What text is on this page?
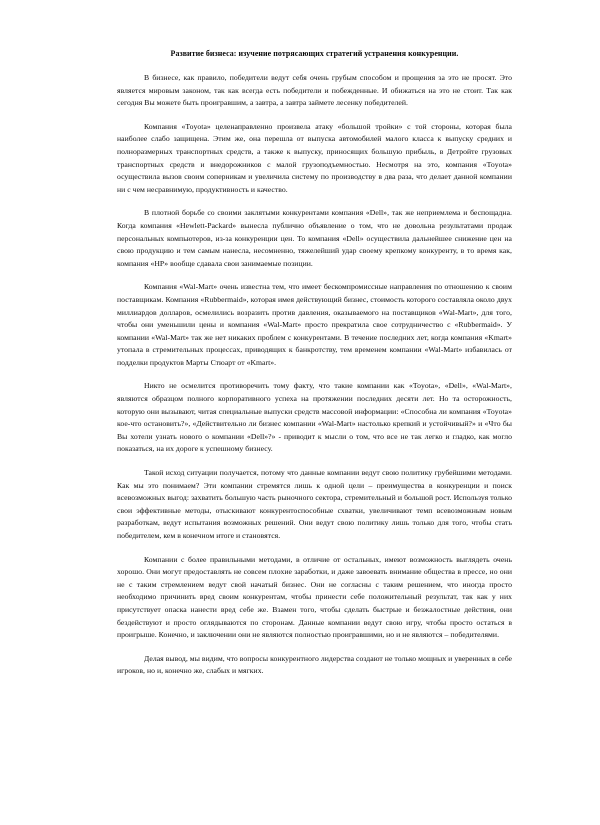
Развитие бизнеса: изучение потрясающих стратегий устранения конкуренции.

В бизнесе, как правило, победители ведут себя очень грубым способом и прощения за это не просят. Это является мировым законом, так как всегда есть победители и побежденные. И обижаться на это не стоит. Так как сегодня Вы можете быть проигравшим, а завтра, а завтра займете лесенку победителей.

Компания «Toyota» целенаправленно произвела атаку «большой тройки» с той стороны, которая была наиболее слабо защищена. Этим же, она перешла от выпуска автомобилей малого класса к выпуску средних и полноразмерных транспортных средств, а также к выпуску, приносящих большую прибыль, в Детройте грузовых транспортных средств и внедорожников с малой грузоподъемностью. Несмотря на это, компания «Toyota» осуществила вызов своим соперникам и увеличила систему по производству в два раза, что делает данной компании ни с чем несравнимую, продуктивность и качество.

В плотной борьбе со своими заклятыми конкурентами компания «Dell», так же неприемлема и беспощадна. Когда компания «Hewlett-Packard» вынесла публично объявление о том, что не довольна результатами продаж персональных компьютеров, из-за конкуренции цен. То компания «Dell» осуществила дальнейшее снижение цен на свою продукцию и тем самым нанесла, несомненно, тяжелейший удар своему крепкому конкуренту, в то время как, компания «HP» вообще сдавала свои занимаемые позиции.

Компания «Wal-Mart» очень известна тем, что имеет бескомпромиссные направления по отношению к своим поставщикам. Компания «Rubbermaid», которая имея действующий бизнес, стоимость которого составляла около двух миллиардов долларов, осмелились возразить против давления, оказываемого на поставщиков «Wal-Mart», для того, чтобы они уменьшили цены и компания «Wal-Mart» просто прекратила свое сотрудничество с «Rubbermaid». У компании «Wal-Mart» так же нет никаких проблем с конкурентами. В течение последних лет, когда компания «Kmart» утопала в стремительных процессах, приводящих к банкротству, тем временем компании «Wal-Mart» избавилась от подделки продуктов Марты Стюарт от «Kmart».

Никто не осмелится противоречить тому факту, что такие компании как «Toyota», «Dell», «Wal-Mart», являются образцом полного корпоративного успеха на протяжении последних десяти лет. Но та осторожность, которую они вызывают, читая специальные выпуски средств массовой информации: «Способна ли компания «Toyota» кое-что остановить?», «Действительно ли бизнес компании «Wal-Mart» настолько крепкий и устойчивый?» и «Что бы Вы хотели узнать нового о компании «Dell»?» - приводит к мысли о том, что все не так легко и гладко, как могло показаться, на их дороге к успешному бизнесу.

Такой исход ситуации получается, потому что данные компании ведут свою политику грубейшими методами. Как мы это понимаем? Эти компании стремятся лишь к одной цели – преимущества в конкуренции и поиск всевозможных выгод: захватить большую часть рыночного сектора, стремительный и большой рост. Используя только свои эффективные методы, отыскивают конкурентоспособные схватки, увеличивают темп всевозможным новым разработкам, ведут испытания возможных решений. Они ведут свою политику лишь только для того, чтобы стать победителем, кем в конечном итоге и становятся.

Компании с более правильными методами, в отличие от остальных, имеют возможность выглядеть очень хорошо. Они могут предоставлять не совсем плохие заработки, и даже завоевать внимание общества в прессе, но они не с таким стремлением ведут свой начатый бизнес. Они не согласны с таким решением, что иногда просто необходимо причинить вред своим конкурентам, чтобы принести себе положительный результат, так как у них присутствует опаска нанести вред себе же. Взамен того, чтобы сделать быстрые и безжалостные действия, они бездействуют и просто оглядываются по сторонам. Данные компании ведут свою игру, чтобы просто остаться в проигрыше. Конечно, и заключении они не являются полностью проигравшими, но и не являются – победителями.

Делая вывод, мы видим, что вопросы конкурентного лидерства создают не только мощных и уверенных в себе игроков, но и, конечно же, слабых и мягких.
